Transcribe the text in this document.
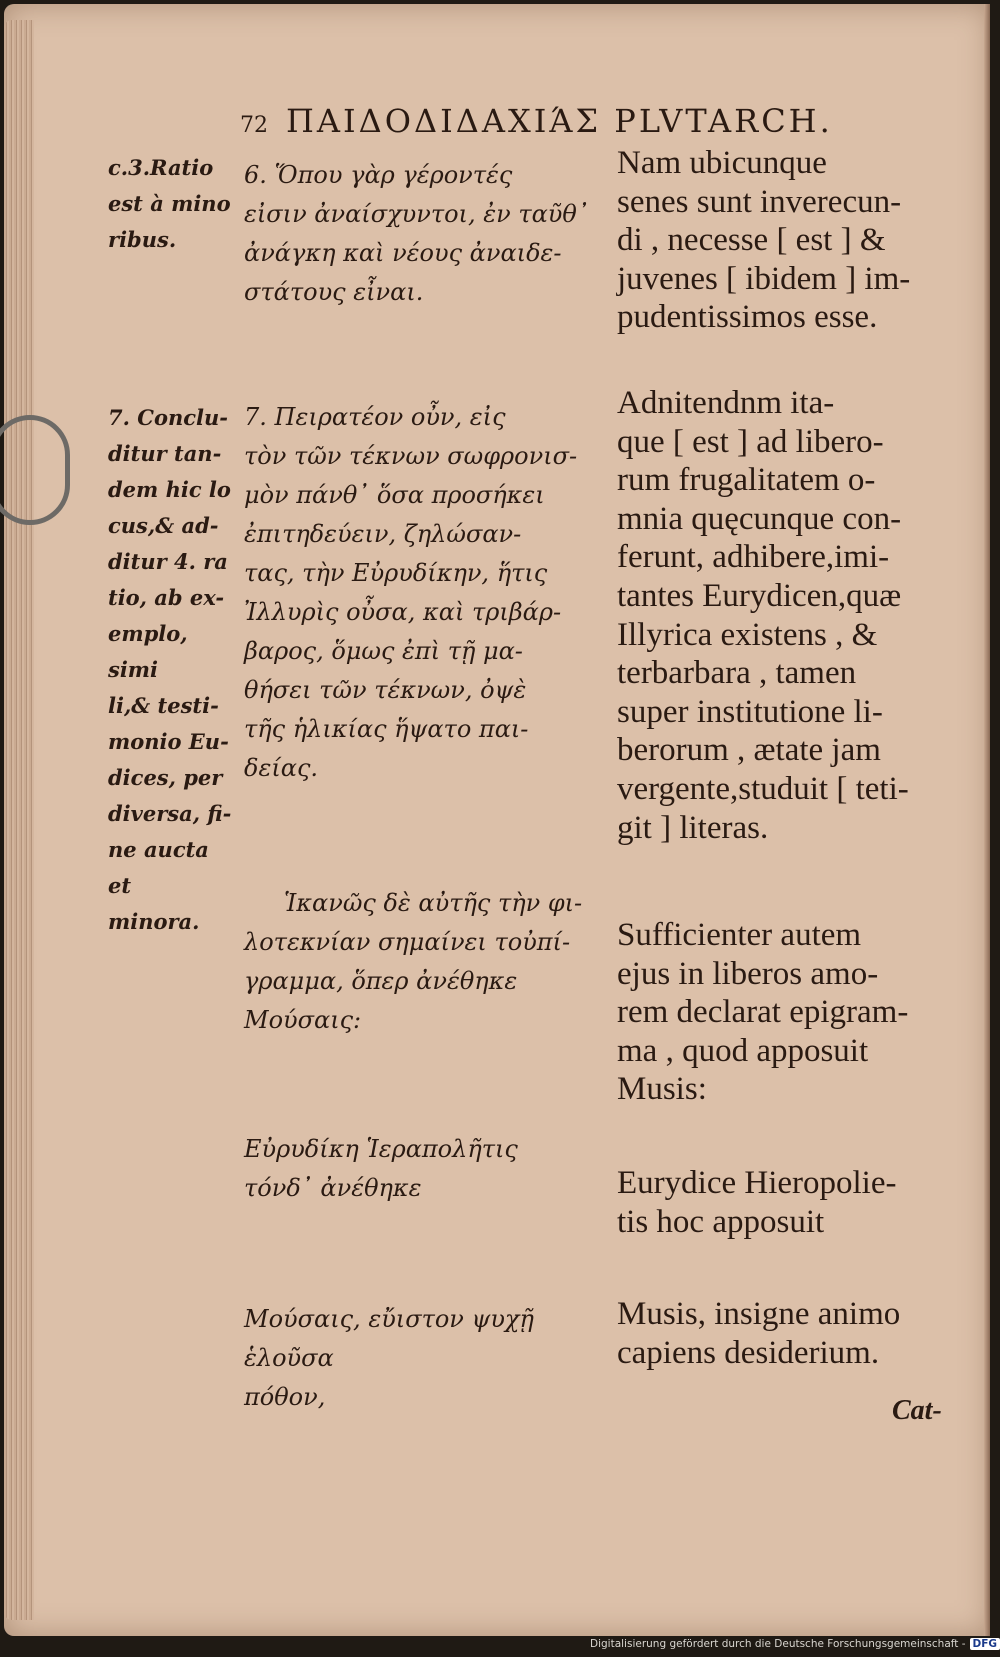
72 ΠΑΙΔΟΔΙΔΑΧΙΆΣ PLVTARCH.
c.3.Ratio
est à mino
ribus.
6. Ὅπου γὰρ γέροντές
εἰσιν ἀναίσχυντοι, ἐν ταῦθ᾽
ἀνάγκη καὶ νέους ἀναιδε-
στάτους εἶναι.
Nam ubicunque
senes sunt inverecun-
di , necesse [ est ] &
juvenes [ ibidem ] im-
pudentissimos esse.
7. Conclu-
ditur tan-
dem hic lo
cus,& ad-
ditur 4. ra
tio, ab ex-
emplo, simi
li,& testi-
monio Eu-
dices, per
diversa, fi-
ne aucta et
minora.
7. Πειρατέον οὖν, εἰς
τὸν τῶν τέκνων σωφρονισ-
μὸν πάνθ᾽ ὅσα προσήκει
ἐπιτηδεύειν, ζηλώσαν-
τας, τὴν Εὐρυδίκην, ἥτις
Ἰλλυρὶς οὖσα, καὶ τριβάρ-
βαρος, ὅμως ἐπὶ τῇ μα-
θήσει τῶν τέκνων, ὀψὲ
τῆς ἡλικίας ἥψατο παι-
δείας.
Adnitendnm ita-
que [ est ] ad libero-
rum frugalitatem o-
mnia quęcunque con-
ferunt, adhibere,imi-
tantes Eurydicen,quæ
Illyrica existens , &
terbarbara , tamen
super institutione li-
berorum , ætate jam
vergente,studuit [ teti-
git ] literas.
Ἱκανῶς δὲ αὐτῆς τὴν φι-
λοτεκνίαν σημαίνει τοὐπί-
γραμμα, ὅπερ ἀνέθηκε
Μούσαις:
Sufficienter autem
ejus in liberos amo-
rem declarat epigram-
ma , quod apposuit
Musis:
Εὐρυδίκη Ἱεραπολῆτις
τόνδ᾽ ἀνέθηκε	Eurydice Hieropolie-
tis hoc apposuit
Μούσαις, εὔιστον ψυχῇ ἑλοῦσα
πόθον,
Musis, insigne animo
capiens desiderium.
Cat-
Digitalisierung gefördert durch die Deutsche Forschungsgemeinschaft - DFG
